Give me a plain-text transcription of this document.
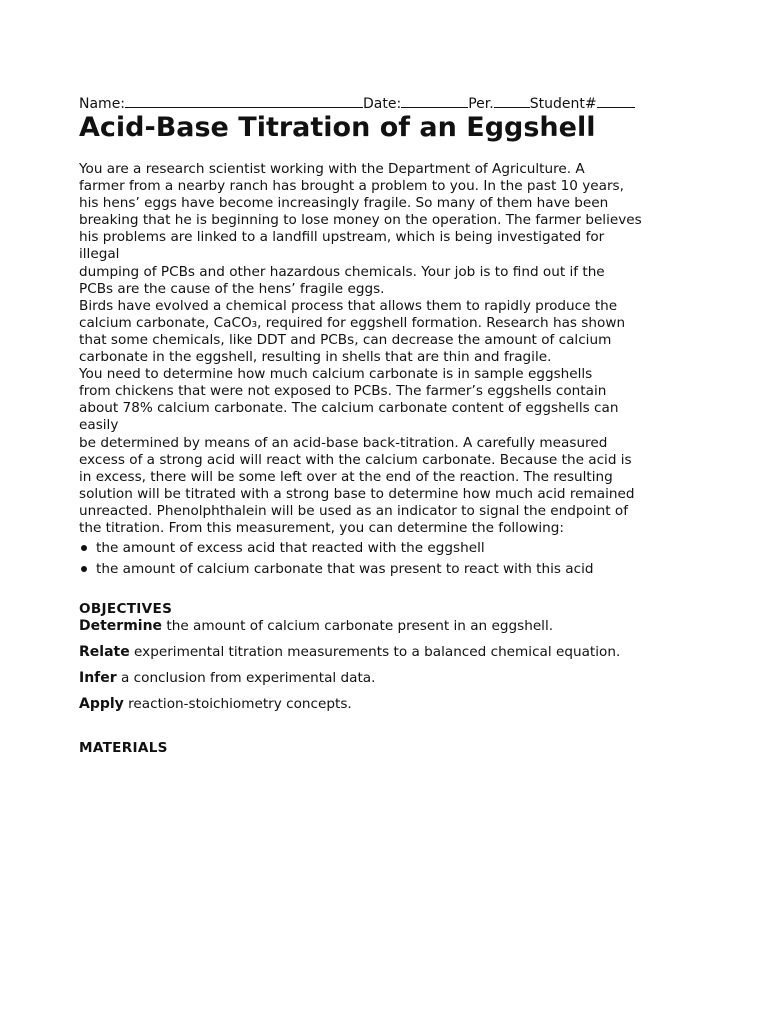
Name:	Date:	Per.	Student#
Acid-Base Titration of an Eggshell
You are a research scientist working with the Department of Agriculture. A
farmer from a nearby ranch has brought a problem to you. In the past 10 years,
his hens’ eggs have become increasingly fragile. So many of them have been
breaking that he is beginning to lose money on the operation. The farmer believes
his problems are linked to a landfill upstream, which is being investigated for
illegal
dumping of PCBs and other hazardous chemicals. Your job is to find out if the
PCBs are the cause of the hens’ fragile eggs.
Birds have evolved a chemical process that allows them to rapidly produce the
calcium carbonate, CaCO₃, required for eggshell formation. Research has shown
that some chemicals, like DDT and PCBs, can decrease the amount of calcium
carbonate in the eggshell, resulting in shells that are thin and fragile.
You need to determine how much calcium carbonate is in sample eggshells
from chickens that were not exposed to PCBs. The farmer’s eggshells contain
about 78% calcium carbonate. The calcium carbonate content of eggshells can
easily
be determined by means of an acid-base back-titration. A carefully measured
excess of a strong acid will react with the calcium carbonate. Because the acid is
in excess, there will be some left over at the end of the reaction. The resulting
solution will be titrated with a strong base to determine how much acid remained
unreacted. Phenolphthalein will be used as an indicator to signal the endpoint of
the titration. From this measurement, you can determine the following:
the amount of excess acid that reacted with the eggshell
the amount of calcium carbonate that was present to react with this acid
OBJECTIVES
Determine the amount of calcium carbonate present in an eggshell.
Relate experimental titration measurements to a balanced chemical equation.
Infer a conclusion from experimental data.
Apply reaction-stoichiometry concepts.
MATERIALS
